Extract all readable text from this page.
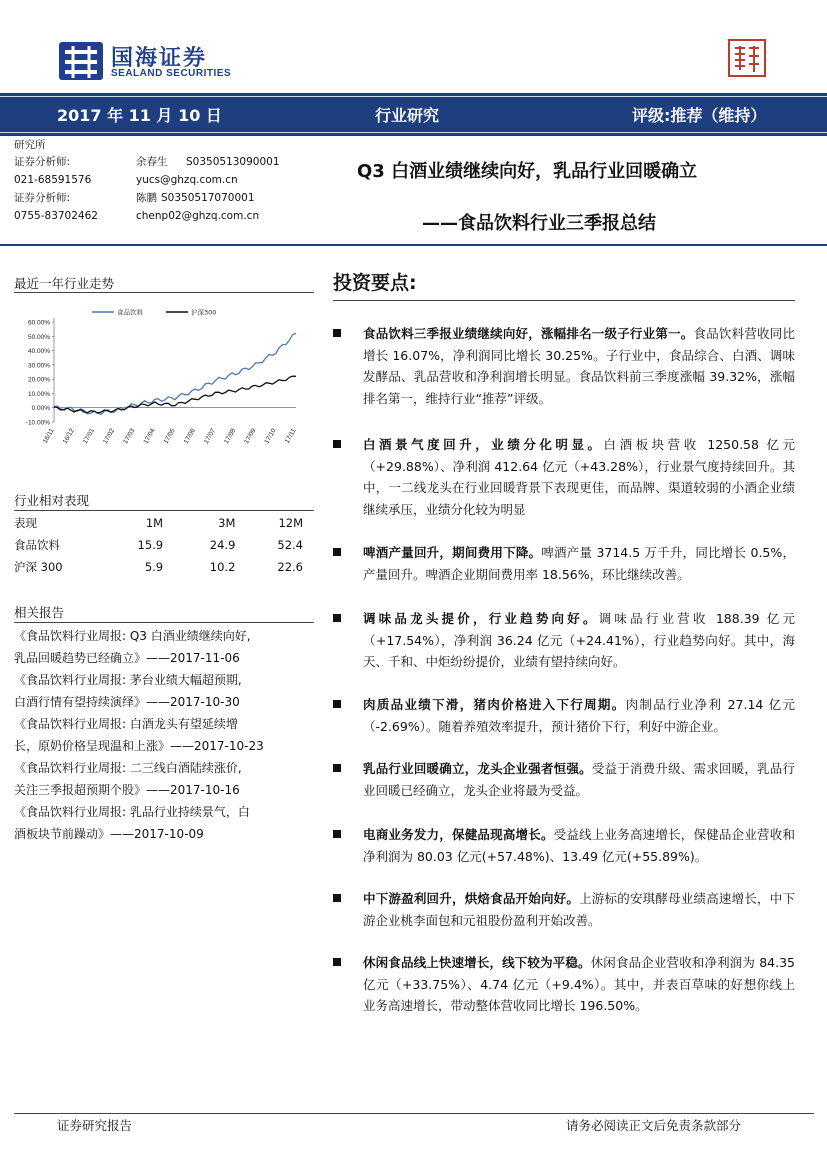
国海证券
SEALAND SECURITIES
2017 年 11 月 10 日	行业研究	评级:推荐（维持）
研究所
证券分析师:	余春生 S0350513090001
021-68591576	yucs@ghzq.com.cn
证券分析师:	陈鹏 S0350517070001
0755-83702462	chenp02@ghzq.com.cn
Q3 白酒业绩继续向好，乳品行业回暖确立
——食品饮料行业三季报总结
最近一年行业走势
60.00%
50.00%
40.00%
30.00%
20.00%
10.00%
0.00%
-10.00%
16/11 16/12 17/01 17/02 17/03 17/04 17/05 17/06 17/07 17/08 17/09 17/10 17/11
食品饮料	沪深300
行业相对表现
表现	1M	3M	12M
食品饮料	15.9	24.9	52.4
沪深 300	5.9	10.2	22.6
相关报告
《食品饮料行业周报: Q3 白酒业绩继续向好,
乳品回暖趋势已经确立》——2017-11-06
《食品饮料行业周报: 茅台业绩大幅超预期,
白酒行情有望持续演绎》——2017-10-30
《食品饮料行业周报: 白酒龙头有望延续增
长，原奶价格呈现温和上涨》——2017-10-23
《食品饮料行业周报: 二三线白酒陆续涨价,
关注三季报超预期个股》——2017-10-16
《食品饮料行业周报: 乳品行业持续景气，白
酒板块节前躁动》——2017-10-09
投资要点:
食品饮料三季报业绩继续向好，涨幅排名一级子行业第一。食品饮料营收同比增长 16.07%，净利润同比增长 30.25%。子行业中，食品综合、白酒、调味发酵品、乳品营收和净利润增长明显。食品饮料前三季度涨幅 39.32%，涨幅排名第一，维持行业“推荐”评级。
白酒景气度回升，业绩分化明显。白酒板块营收 1250.58 亿元（+29.88%）、净利润 412.64 亿元（+43.28%），行业景气度持续回升。其中，一二线龙头在行业回暖背景下表现更佳，而品牌、渠道较弱的小酒企业绩继续承压，业绩分化较为明显
啤酒产量回升，期间费用下降。啤酒产量 3714.5 万千升，同比增长 0.5%，产量回升。啤酒企业期间费用率 18.56%，环比继续改善。
调味品龙头提价，行业趋势向好。调味品行业营收 188.39 亿元（+17.54%），净利润 36.24 亿元（+24.41%），行业趋势向好。其中，海天、千和、中炬纷纷提价，业绩有望持续向好。
肉质品业绩下滑，猪肉价格进入下行周期。肉制品行业净利 27.14 亿元（-2.69%）。随着养殖效率提升，预计猪价下行，利好中游企业。
乳品行业回暖确立，龙头企业强者恒强。受益于消费升级、需求回暖，乳品行业回暖已经确立，龙头企业将最为受益。
电商业务发力，保健品现高增长。受益线上业务高速增长，保健品企业营收和净利润为 80.03 亿元(+57.48%)、13.49 亿元(+55.89%)。
中下游盈利回升，烘焙食品开始向好。上游标的安琪酵母业绩高速增长，中下游企业桃李面包和元祖股份盈利开始改善。
休闲食品线上快速增长，线下较为平稳。休闲食品企业营收和净利润为 84.35 亿元（+33.75%）、4.74 亿元（+9.4%）。其中，并表百草味的好想你线上业务高速增长，带动整体营收同比增长 196.50%。
证券研究报告	请务必阅读正文后免责条款部分
